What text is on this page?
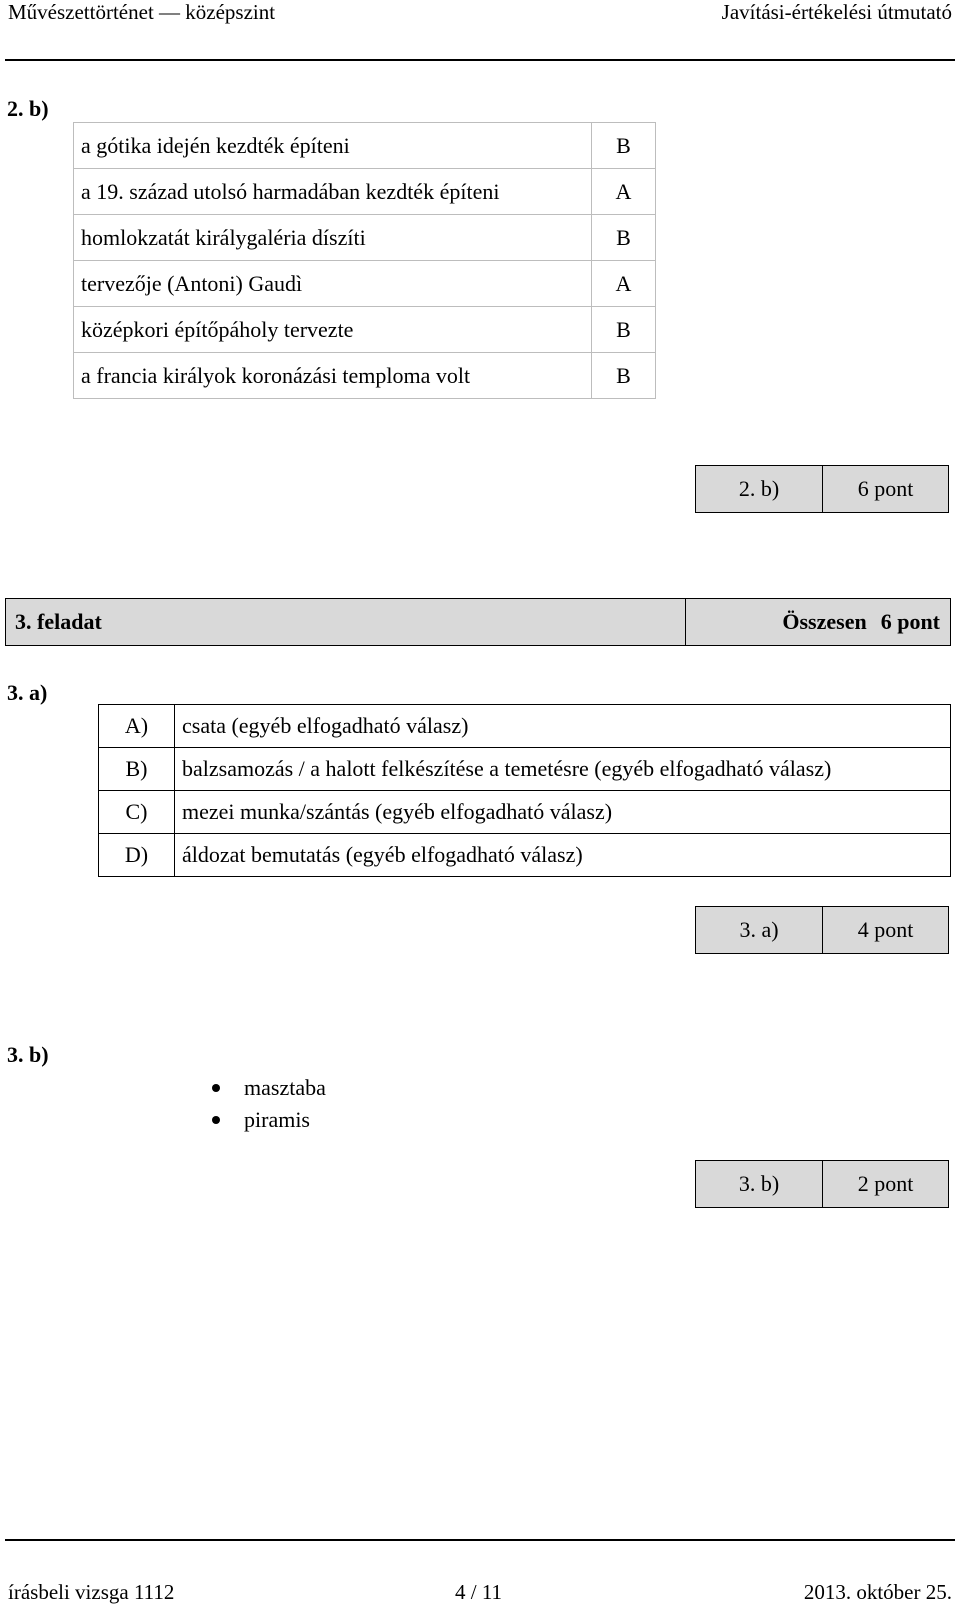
Művészettörténet — középszint	Javítási-értékelési útmutató
2. b)
a gótika idején kezdték építeni	B
a 19. század utolsó harmadában kezdték építeni	A
homlokzatát királygaléria díszíti	B
tervezője (Antoni) Gaudì	A
középkori építőpáholy tervezte	B
a francia királyok koronázási temploma volt	B
2. b)	6 pont
3. feladat	Összesen 6 pont
3. a)
A)	csata (egyéb elfogadható válasz)
B)	balzsamozás / a halott felkészítése a temetésre (egyéb elfogadható válasz)
C)	mezei munka/szántás (egyéb elfogadható válasz)
D)	áldozat bemutatás (egyéb elfogadható válasz)
3. a)	4 pont
3. b)
masztaba
piramis
3. b)	2 pont
írásbeli vizsga 1112	4 / 11	2013. október 25.
